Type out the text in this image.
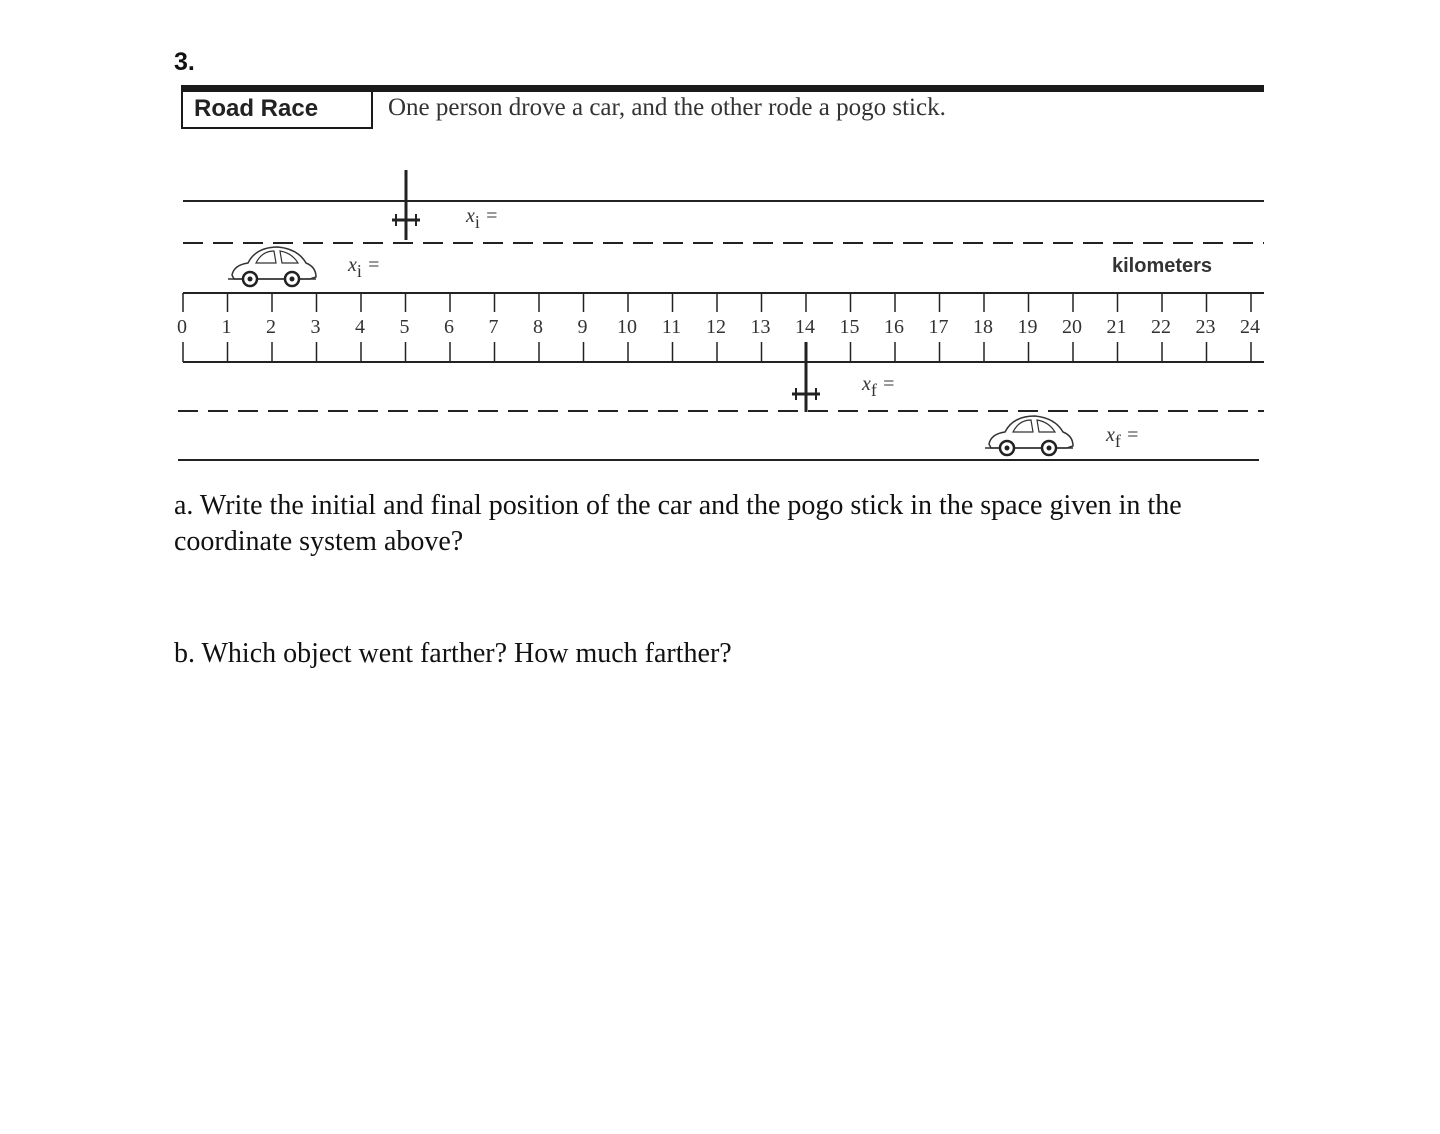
3.
Road Race	One person drove a car, and the other rode a pogo stick.
0 1 2 3 4 5 6 7 8 9 10 11 12 13 14 15 16 17 18 19 20 21 22 23 24
kilometers
$x_i$ =
$x_i$ =
$x_f$ =
$x_f$ =
a. Write the initial and final position of the car and the pogo stick in the space given in the coordinate system above?
b. Which object went farther? How much farther?
